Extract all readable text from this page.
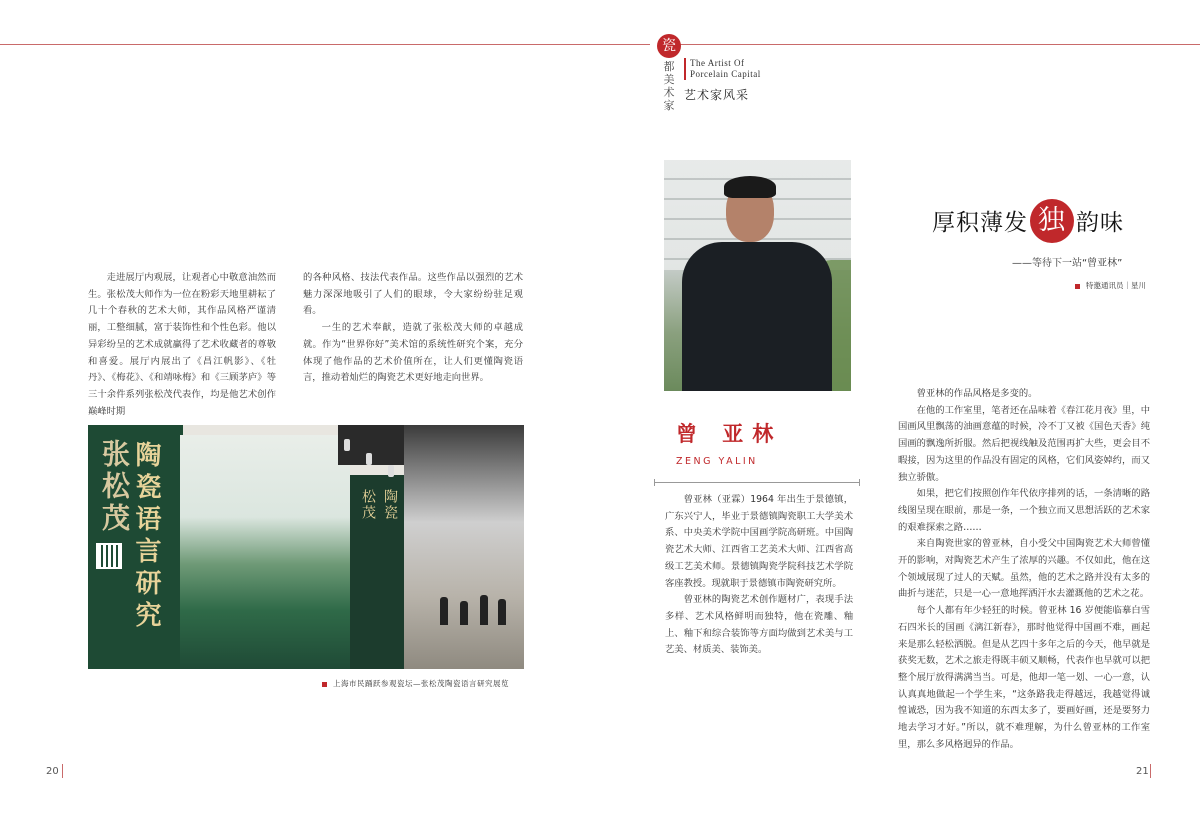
瓷
都
美
术
家
The Artist Of
Porcelain Capital
艺术家风采

走进展厅内观展，让观者心中敬意油然而生。张松茂大师作为一位在粉彩天地里耕耘了几十个春秋的艺术大师，其作品风格严谨清丽，工整细腻，富于装饰性和个性色彩。他以异彩纷呈的艺术成就赢得了艺术收藏者的尊敬和喜爱。展厅内展出了《昌江帆影》、《牡丹》、《梅花》、《和靖咏梅》和《三顾茅庐》等三十余件系列张松茂代表作，均是他艺术创作巅峰时期

的各种风格、技法代表作品。这些作品以强烈的艺术魅力深深地吸引了人们的眼球，令大家纷纷驻足观看。

一生的艺术奉献，造就了张松茂大师的卓越成就。作为“世界你好”美术馆的系统性研究个案，充分体现了他作品的艺术价值所在，让人们更懂陶瓷语言，推动着灿烂的陶瓷艺术更好地走向世界。

张松茂 陶瓷语言研究	松茂 陶瓷
上海市民踊跃参观瓷坛—张松茂陶瓷语言研究展览
曾 亚林
ZENG YALIN

曾亚林（亚霖）1964 年出生于景德镇，广东兴宁人，毕业于景德镇陶瓷职工大学美术系、中央美术学院中国画学院高研班。中国陶瓷艺术大师、江西省工艺美术大师、江西省高级工艺美术师。景德镇陶瓷学院科技艺术学院客座教授。现就职于景德镇市陶瓷研究所。

曾亚林的陶瓷艺术创作题材广，表现手法多样、艺术风格鲜明而独特，他在瓷雕、釉上、釉下和综合装饰等方面均做到艺术美与工艺美、材质美、装饰美。

厚积薄发 独 韵味
——等待下一站“曾亚林”
特邀通讯员｜星川

曾亚林的作品风格是多变的。

在他的工作室里，笔者还在品味着《春江花月夜》里，中国画风里飘荡的油画意蕴的时候，冷不丁又被《国色天香》纯国画的飘逸所折服。然后把视线触及范围再扩大些，更会目不暇接，因为这里的作品没有固定的风格，它们风姿婥约，而又独立骄傲。

如果，把它们按照创作年代依序排列的话，一条清晰的路线图呈现在眼前，那是一条，一个独立而又思想活跃的艺术家的艰难探索之路……

来自陶瓷世家的曾亚林，自小受父中国陶瓷艺术大师曾懂开的影响，对陶瓷艺术产生了浓厚的兴趣。不仅如此，他在这个领域展现了过人的天赋。虽然，他的艺术之路并没有太多的曲折与迷茫，只是一心一意地挥洒汗水去灌溉他的艺术之花。

每个人都有年少轻狂的时候。曾亚林 16 岁便能临摹白雪石四米长的国画《漓江新春》，那时他觉得中国画不难，画起来是那么轻松洒脱。但是从艺四十多年之后的今天，他早就是获奖无数，艺术之旅走得既丰硕又顺畅，代表作也早就可以把整个展厅放得满满当当。可是，他却一笔一划、一心一意，认认真真地做起一个学生来，“这条路我走得越远，我越觉得诚惶诚恐，因为我不知道的东西太多了，要画好画，还是要努力地去学习才好。”所以，就不难理解，为什么曾亚林的工作室里，那么多风格迥异的作品。

20	21
